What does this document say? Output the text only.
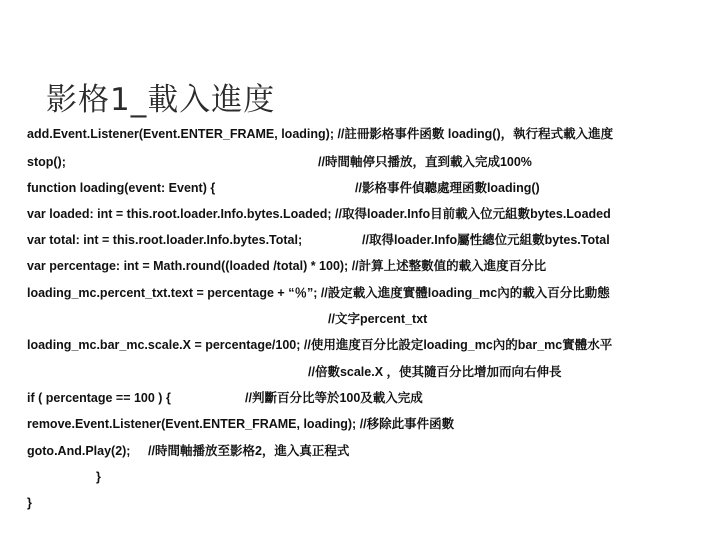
影格1_載入進度
add.Event.Listener(Event.ENTER_FRAME, loading); //註冊影格事件函數 loading()，執行程式載入進度
stop();	//時間軸停只播放，直到載入完成100%
function loading(event: Event) {	//影格事件偵聽處理函數loading()
var loaded: int = this.root.loader.Info.bytes.Loaded; //取得loader.Info目前載入位元組數bytes.Loaded
var total: int = this.root.loader.Info.bytes.Total;	//取得loader.Info屬性總位元組數bytes.Total
var percentage: int = Math.round((loaded /total) * 100); //計算上述整數值的載入進度百分比
loading_mc.percent_txt.text = percentage + “％”; //設定載入進度實體loading_mc內的載入百分比動態
//文字percent_txt
loading_mc.bar_mc.scale.X = percentage/100; //使用進度百分比設定loading_mc內的bar_mc實體水平
//倍數scale.X ，使其隨百分比增加而向右伸長
if ( percentage == 100 ) {	//判斷百分比等於100及載入完成
remove.Event.Listener(Event.ENTER_FRAME, loading); //移除此事件函數
goto.And.Play(2); //時間軸播放至影格2，進入真正程式
}
}
